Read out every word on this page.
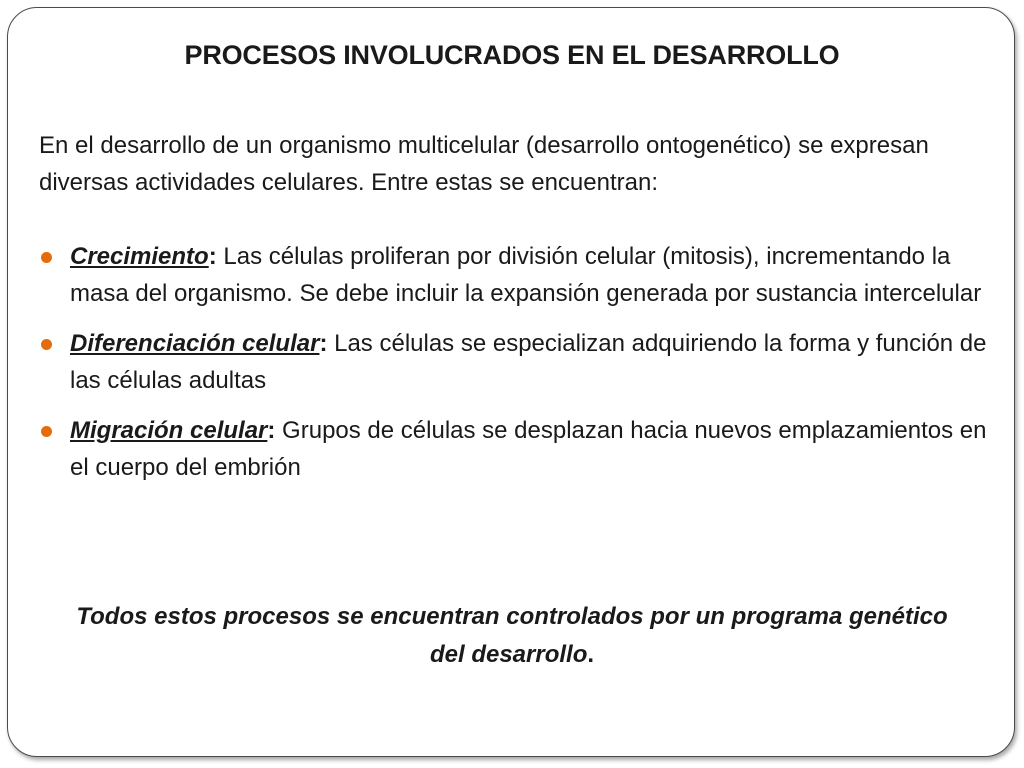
PROCESOS INVOLUCRADOS EN EL DESARROLLO

En el desarrollo de un organismo multicelular (desarrollo ontogenético) se expresan diversas actividades celulares. Entre estas se encuentran:

Crecimiento: Las células proliferan por división celular (mitosis), incrementando la masa del organismo. Se debe incluir la expansión generada por sustancia intercelular
Diferenciación celular: Las células se especializan adquiriendo la forma y función de las células adultas
Migración celular: Grupos de células se desplazan hacia nuevos emplazamientos en el cuerpo del embrión

Todos estos procesos se encuentran controlados por un programa genético del desarrollo.
